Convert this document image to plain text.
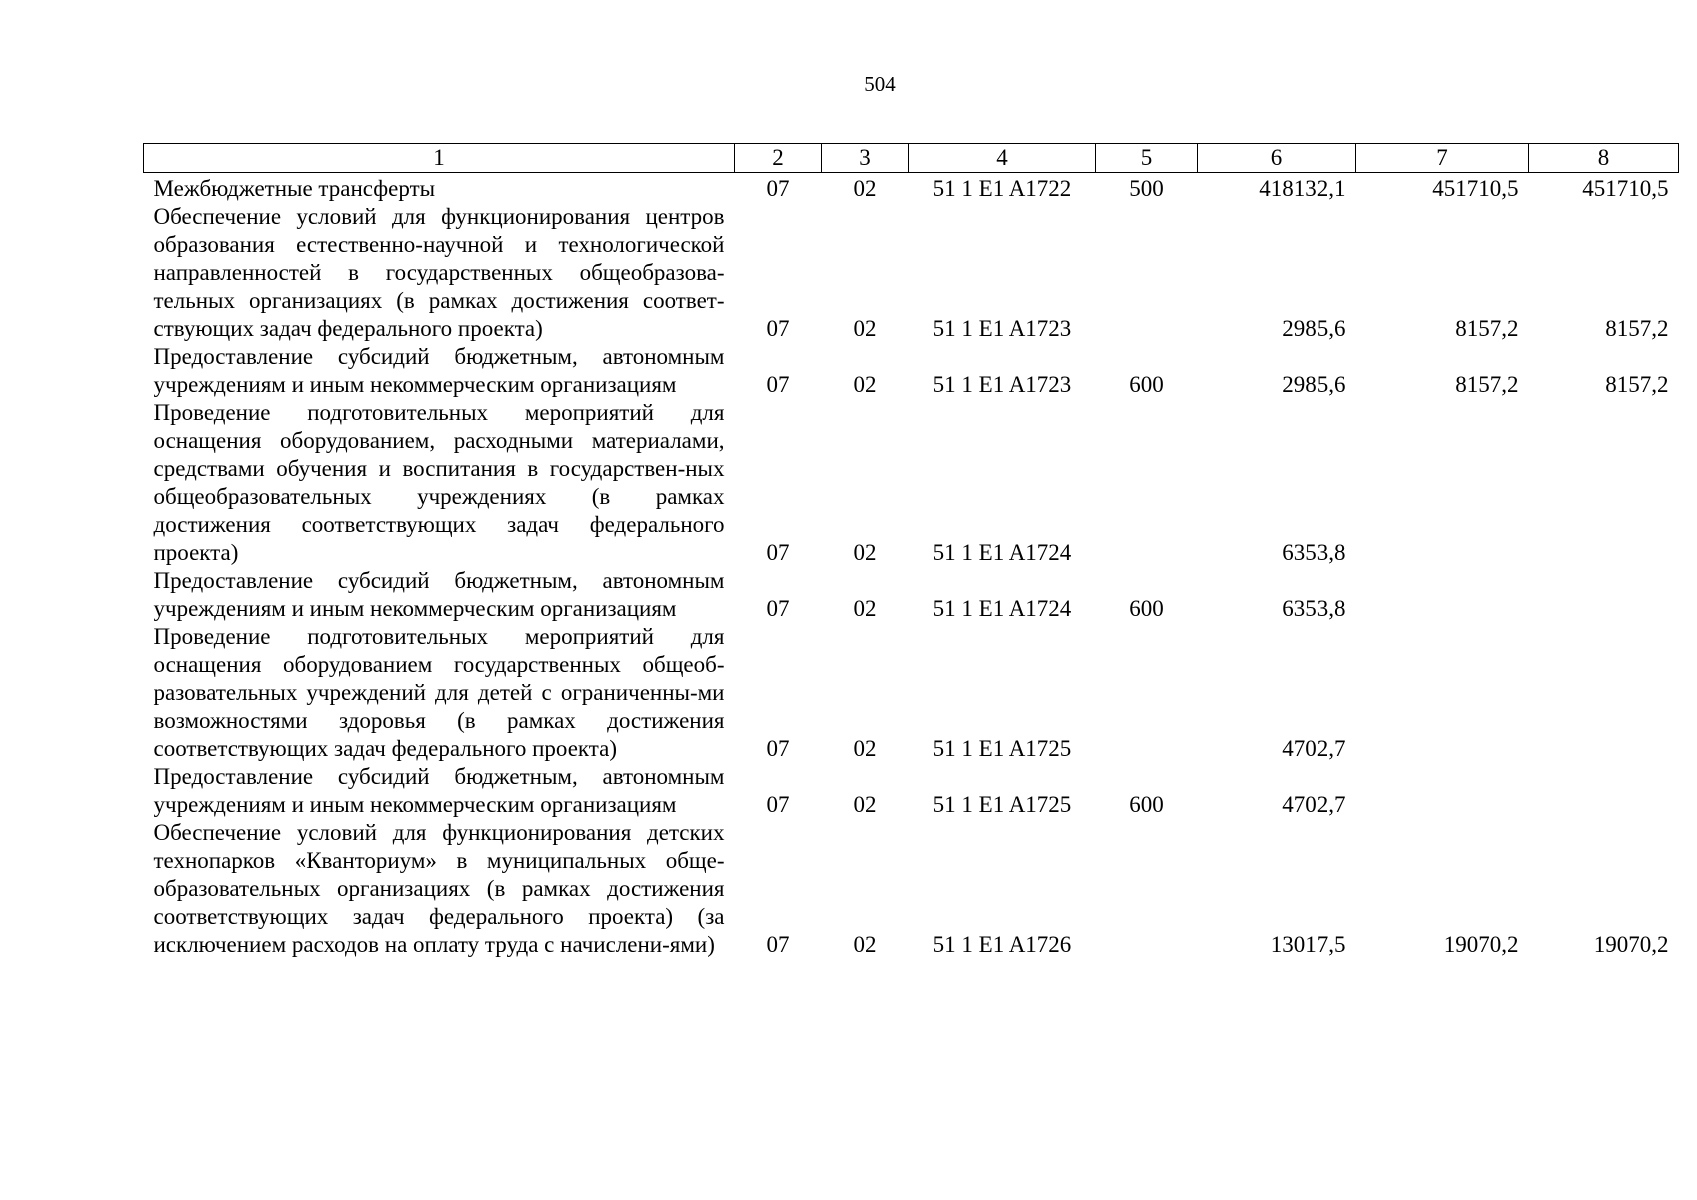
504
1	2	3	4	5	6	7	8
Межбюджетные трансферты	07	02	51 1 E1 A1722	500	418132,1	451710,5	451710,5
Обеспечение условий для функционирования центров образования естественно-научной и технологической направленностей в государственных общеобразова-тельных организациях (в рамках достижения соответ-ствующих задач федерального проекта)	07	02	51 1 E1 A1723		2985,6	8157,2	8157,2
Предоставление субсидий бюджетным, автономным учреждениям и иным некоммерческим организациям	07	02	51 1 E1 A1723	600	2985,6	8157,2	8157,2
Проведение подготовительных мероприятий для оснащения оборудованием, расходными материалами, средствами обучения и воспитания в государствен-ных общеобразовательных учреждениях (в рамках достижения соответствующих задач федерального проекта)	07	02	51 1 E1 A1724		6353,8		
Предоставление субсидий бюджетным, автономным учреждениям и иным некоммерческим организациям	07	02	51 1 E1 A1724	600	6353,8		
Проведение подготовительных мероприятий для оснащения оборудованием государственных общеоб-разовательных учреждений для детей с ограниченны-ми возможностями здоровья (в рамках достижения соответствующих задач федерального проекта)	07	02	51 1 E1 A1725		4702,7		
Предоставление субсидий бюджетным, автономным учреждениям и иным некоммерческим организациям	07	02	51 1 E1 A1725	600	4702,7		
Обеспечение условий для функционирования детских технопарков «Кванториум» в муниципальных обще-образовательных организациях (в рамках достижения соответствующих задач федерального проекта) (за исключением расходов на оплату труда с начислени-ями)	07	02	51 1 E1 A1726		13017,5	19070,2	19070,2
